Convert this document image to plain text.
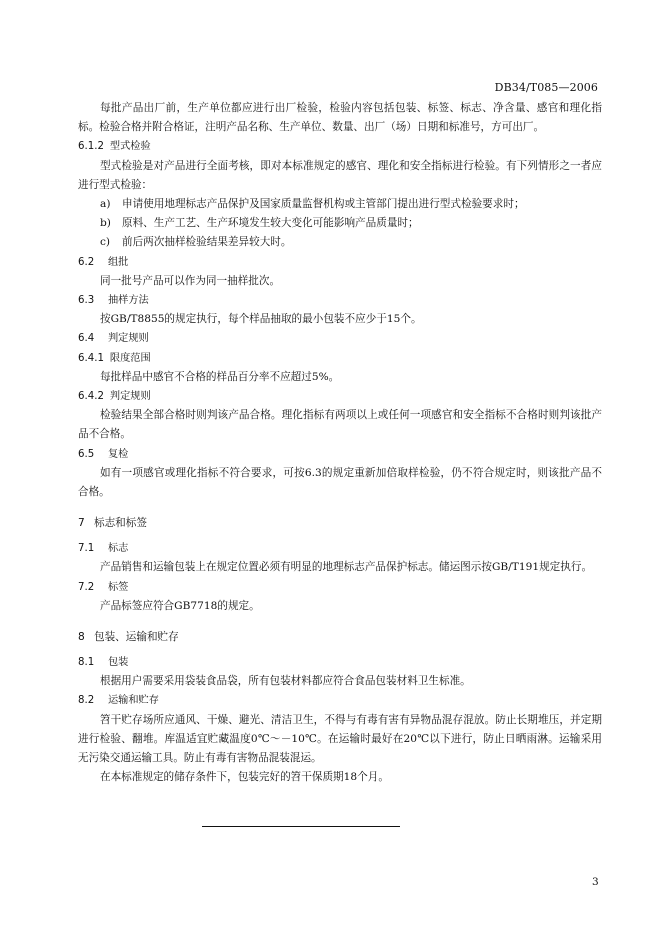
DB34/T085—2006

每批产品出厂前，生产单位都应进行出厂检验，检验内容包括包装、标签、标志、净含量、感官和理化指标。检验合格并附合格证，注明产品名称、生产单位、数量、出厂（场）日期和标准号，方可出厂。

6.1.2 型式检验

型式检验是对产品进行全面考核，即对本标准规定的感官、理化和安全指标进行检验。有下列情形之一者应进行型式检验：

a)	申请使用地理标志产品保护及国家质量监督机构或主管部门提出进行型式检验要求时；
b)	原料、生产工艺、生产环境发生较大变化可能影响产品质量时；
c)	前后两次抽样检验结果差异较大时。
6.2 组批

同一批号产品可以作为同一抽样批次。

6.3 抽样方法

按GB/T8855的规定执行，每个样品抽取的最小包装不应少于15个。

6.4 判定规则
6.4.1 限度范围

每批样品中感官不合格的样品百分率不应超过5%。

6.4.2 判定规则

检验结果全部合格时则判该产品合格。理化指标有两项以上或任何一项感官和安全指标不合格时则判该批产品不合格。

6.5 复检

如有一项感官或理化指标不符合要求，可按6.3的规定重新加倍取样检验，仍不符合规定时，则该批产品不合格。

7 标志和标签
7.1 标志

产品销售和运输包装上在规定位置必须有明显的地理标志产品保护标志。储运图示按GB/T191规定执行。

7.2 标签

产品标签应符合GB7718的规定。

8 包装、运输和贮存
8.1 包装

根据用户需要采用袋装食品袋，所有包装材料都应符合食品包装材料卫生标准。

8.2 运输和贮存

笤干贮存场所应通风、干燥、避光、清洁卫生，不得与有毒有害有异物品混存混放。防止长期堆压，并定期进行检验、翻堆。库温适宜贮藏温度0℃～－10℃。在运输时最好在20℃以下进行，防止日晒雨淋。运输采用无污染交通运输工具。防止有毒有害物品混装混运。

在本标准规定的储存条件下，包装完好的笤干保质期18个月。

3
